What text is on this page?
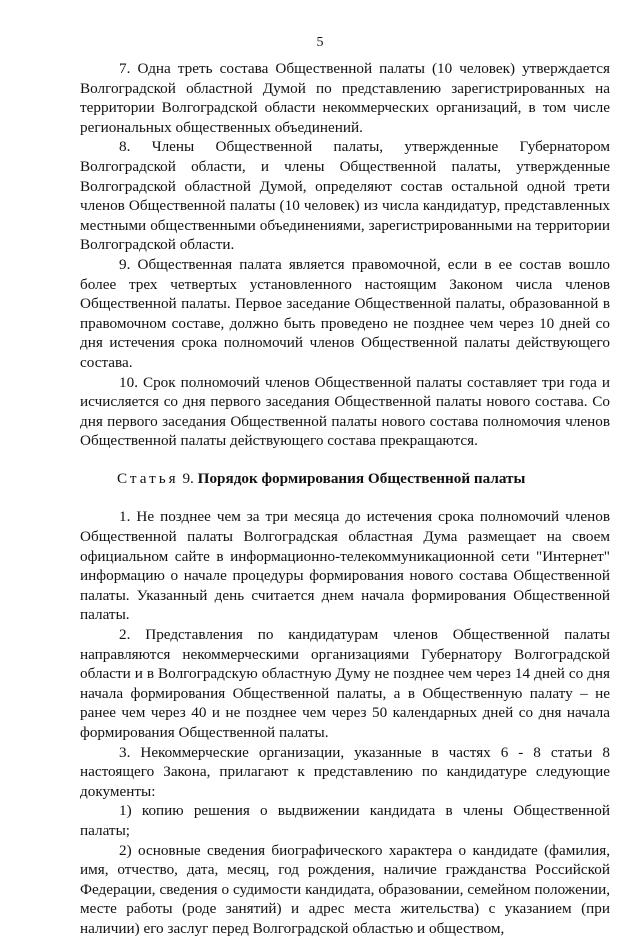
5

7. Одна треть состава Общественной палаты (10 человек) утверждается Волгоградской областной Думой по представлению зарегистрированных на территории Волгоградской области некоммерческих организаций, в том числе региональных общественных объединений.

8. Члены Общественной палаты, утвержденные Губернатором Волгоградской области, и члены Общественной палаты, утвержденные Волгоградской областной Думой, определяют состав остальной одной трети членов Общественной палаты (10 человек) из числа кандидатур, представленных местными общественными объединениями, зарегистрированными на территории Волгоградской области.

9. Общественная палата является правомочной, если в ее состав вошло более трех четвертых установленного настоящим Законом числа членов Общественной палаты. Первое заседание Общественной палаты, образованной в правомочном составе, должно быть проведено не позднее чем через 10 дней со дня истечения срока полномочий членов Общественной палаты действующего состава.

10. Срок полномочий членов Общественной палаты составляет три года и исчисляется со дня первого заседания Общественной палаты нового состава. Со дня первого заседания Общественной палаты нового состава полномочия членов Общественной палаты действующего состава прекращаются.

Статья 9. Порядок формирования Общественной палаты

1. Не позднее чем за три месяца до истечения срока полномочий членов Общественной палаты Волгоградская областная Дума размещает на своем официальном сайте в информационно-телекоммуникационной сети "Интернет" информацию о начале процедуры формирования нового состава Общественной палаты. Указанный день считается днем начала формирования Общественной палаты.

2. Представления по кандидатурам членов Общественной палаты направляются некоммерческими организациями Губернатору Волгоградской области и в Волгоградскую областную Думу не позднее чем через 14 дней со дня начала формирования Общественной палаты, а в Общественную палату – не ранее чем через 40 и не позднее чем через 50 календарных дней со дня начала формирования Общественной палаты.

3. Некоммерческие организации, указанные в частях 6 - 8 статьи 8 настоящего Закона, прилагают к представлению по кандидатуре следующие документы:

1) копию решения о выдвижении кандидата в члены Общественной палаты;

2) основные сведения биографического характера о кандидате (фамилия, имя, отчество, дата, месяц, год рождения, наличие гражданства Российской Федерации, сведения о судимости кандидата, образовании, семейном положении, месте работы (роде занятий) и адрес места жительства) с указанием (при наличии) его заслуг перед Волгоградской областью и обществом,
